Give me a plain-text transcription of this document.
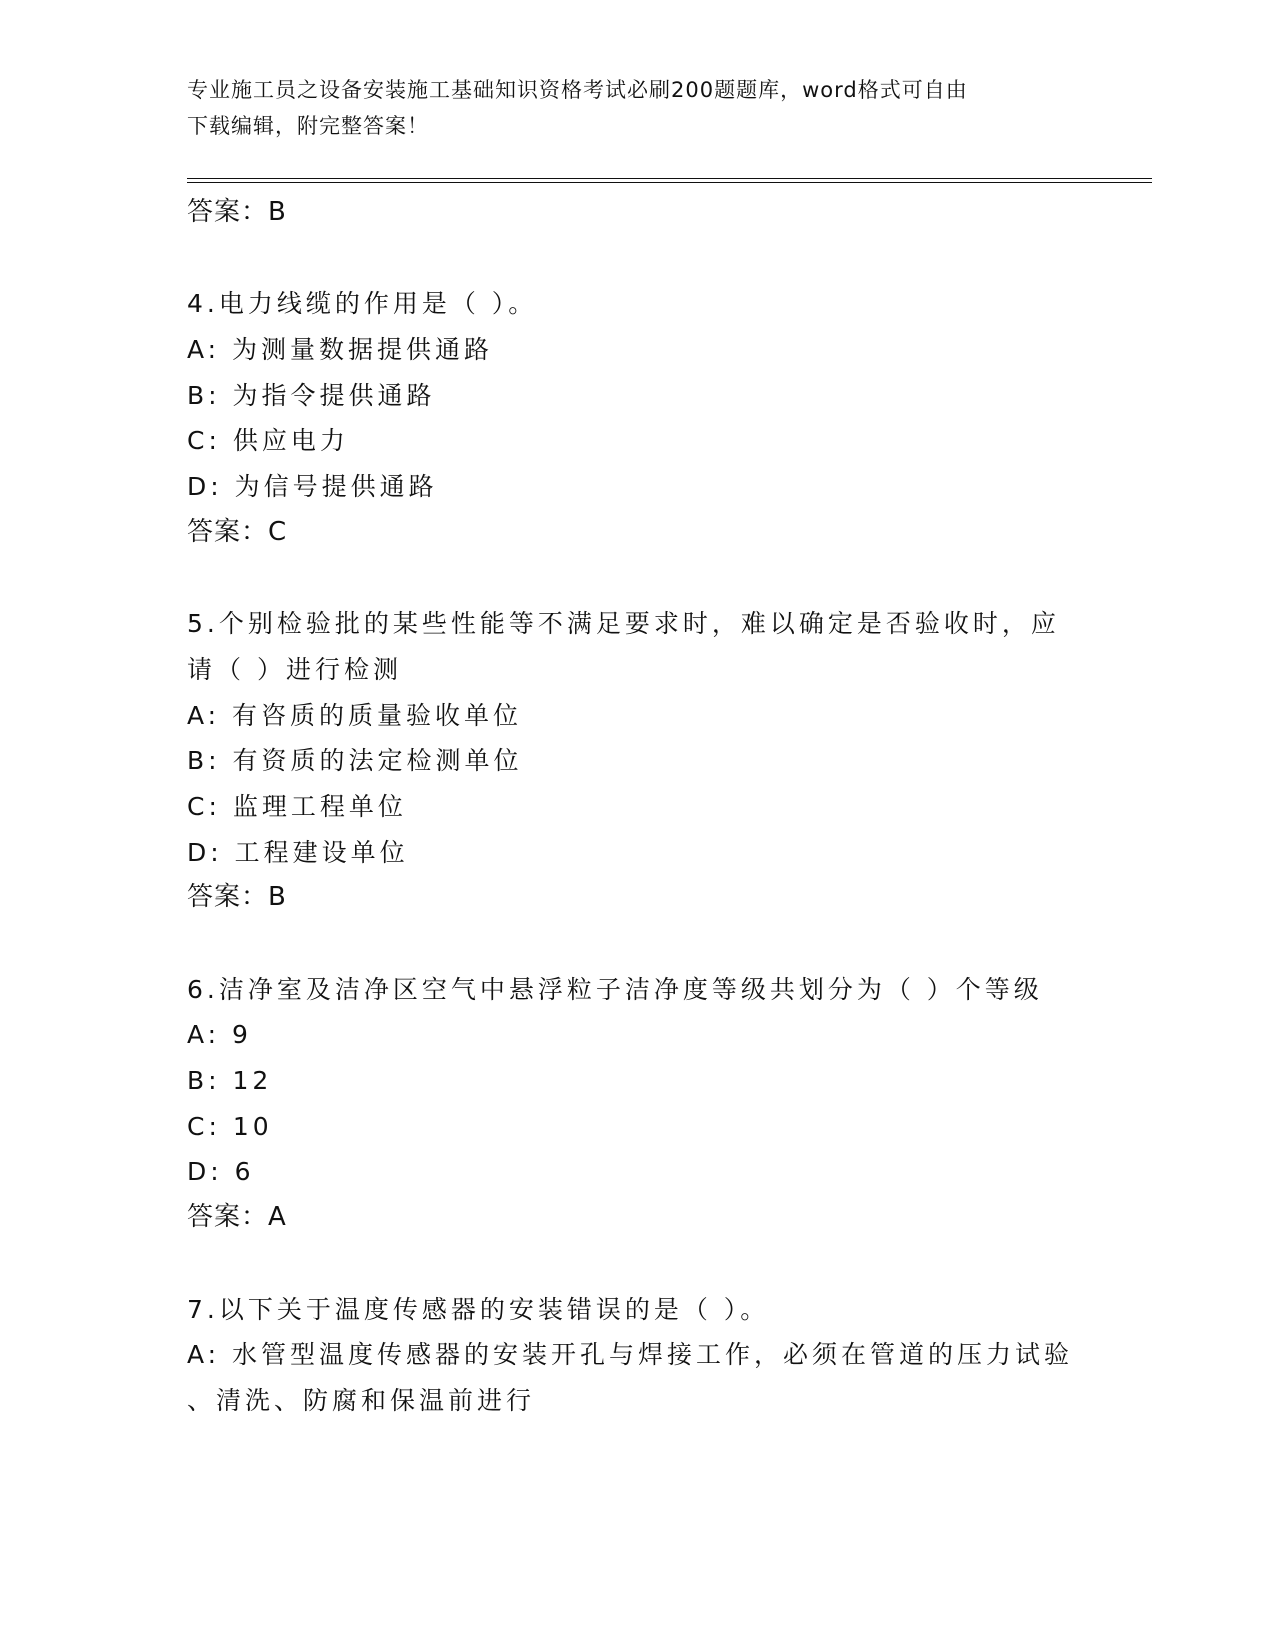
专业施工员之设备安装施工基础知识资格考试必刷200题题库，word格式可自由
下载编辑，附完整答案！
答案：B
4.电力线缆的作用是（ ）。
A: 为测量数据提供通路
B: 为指令提供通路
C: 供应电力
D: 为信号提供通路
答案：C
5.个别检验批的某些性能等不满足要求时，难以确定是否验收时，应
请（ ）进行检测
A: 有咨质的质量验收单位
B: 有资质的法定检测单位
C: 监理工程单位
D: 工程建设单位
答案：B
6.洁净室及洁净区空气中悬浮粒子洁净度等级共划分为（ ）个等级
A: 9
B: 12
C: 10
D: 6
答案：A
7.以下关于温度传感器的安装错误的是（ ）。
A: 水管型温度传感器的安装开孔与焊接工作，必须在管道的压力试验
、清洗、防腐和保温前进行
